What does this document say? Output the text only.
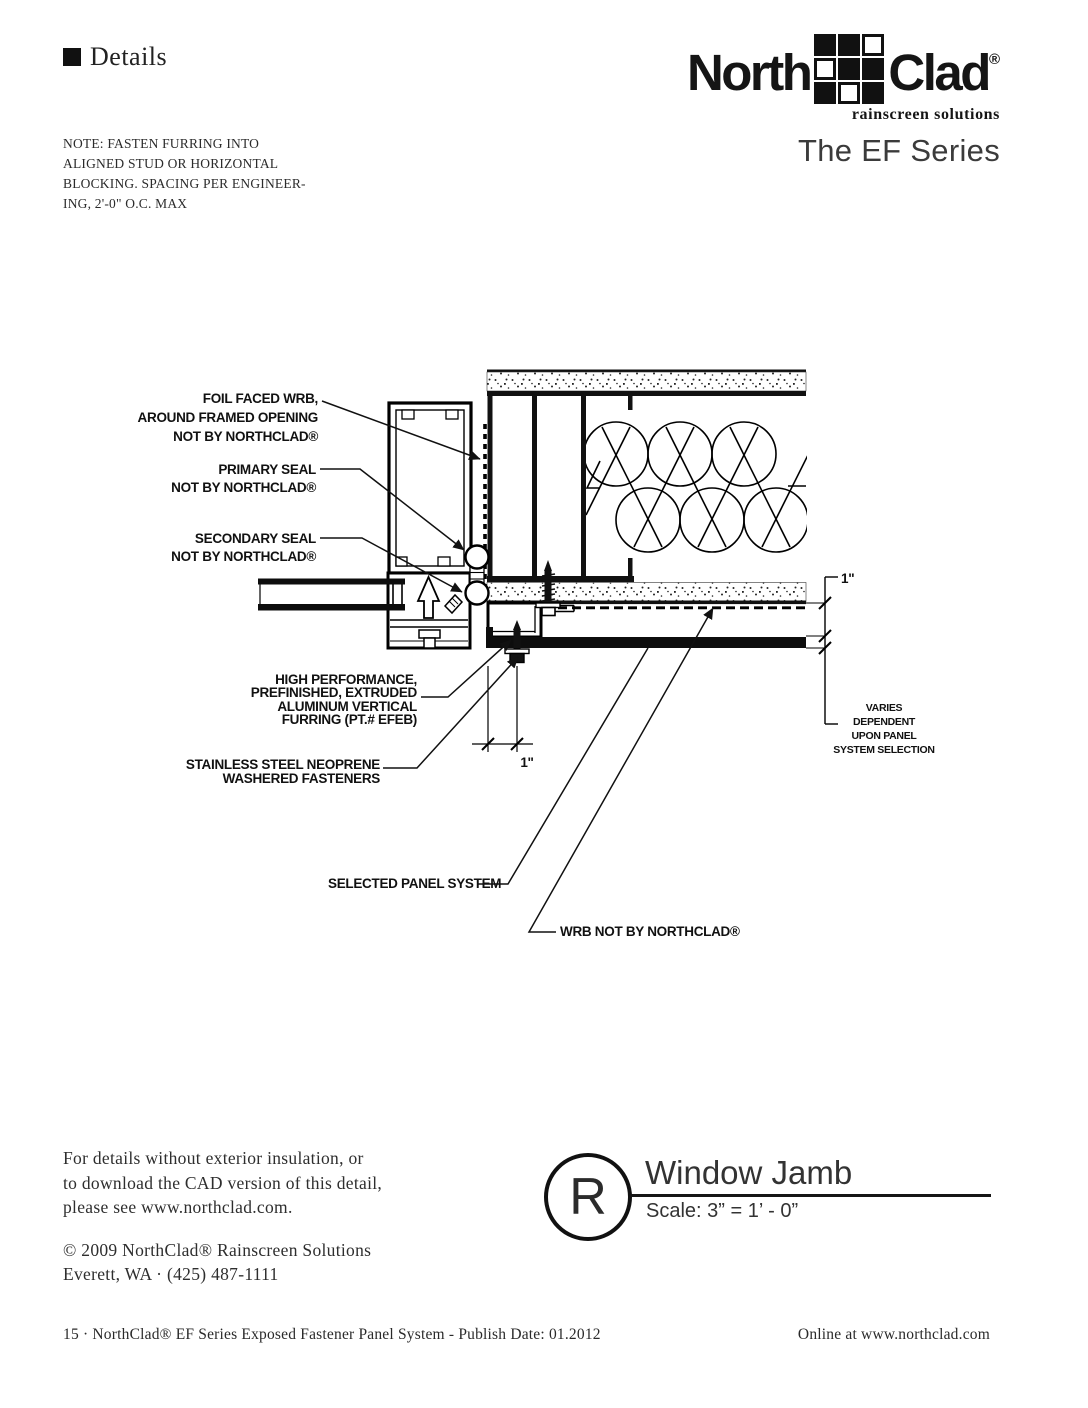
Details
NOTE: FASTEN FURRING INTO
ALIGNED STUD OR HORIZONTAL
BLOCKING. SPACING PER ENGINEER-
ING, 2'-0" O.C. MAX
North Clad ®
rainscreen solutions
The EF Series
FOIL FACED WRB,
AROUND FRAMED OPENING
NOT BY NORTHCLAD®
PRIMARY SEAL
NOT BY NORTHCLAD®
SECONDARY SEAL
NOT BY NORTHCLAD®
HIGH PERFORMANCE,
PREFINISHED, EXTRUDED
ALUMINUM VERTICAL
FURRING (PT.# EFEB)
STAINLESS STEEL NEOPRENE
WASHERED FASTENERS
SELECTED PANEL SYSTEM
WRB NOT BY NORTHCLAD®
VARIES
DEPENDENT
UPON PANEL
SYSTEM SELECTION
1"
1"
For details without exterior insulation, or
to download the CAD version of this detail,
please see www.northclad.com.
© 2009 NorthClad® Rainscreen Solutions
Everett, WA · (425) 487-1111
R Window Jamb
Scale: 3” = 1’ - 0”
15 · NorthClad® EF Series Exposed Fastener Panel System - Publish Date: 01.2012	Online at www.northclad.com
